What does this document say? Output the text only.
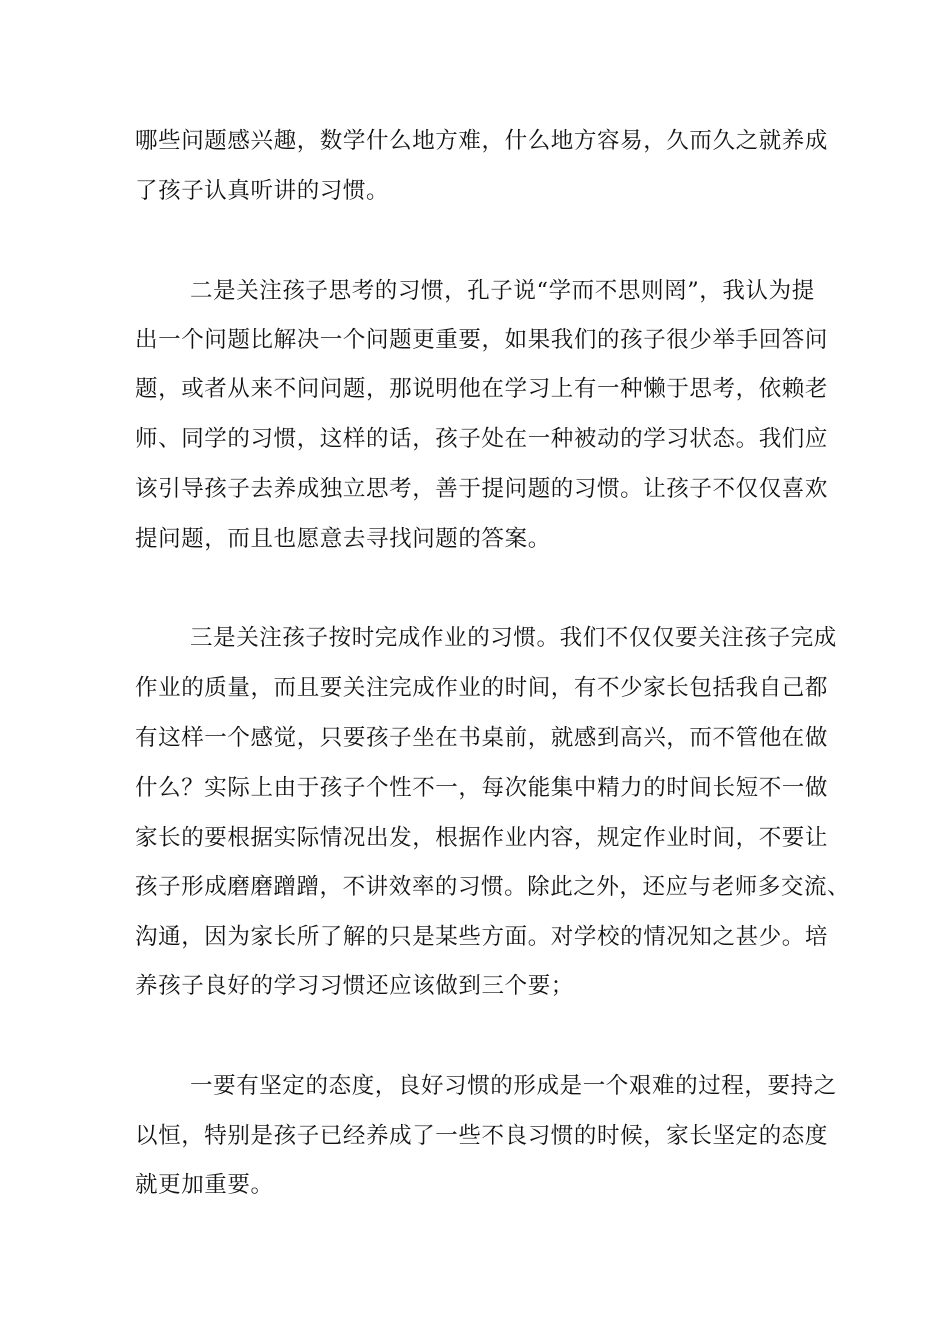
哪些问题感兴趣，数学什么地方难，什么地方容易，久而久之就养成

了孩子认真听讲的习惯。

二是关注孩子思考的习惯，孔子说“学而不思则罔”，我认为提

出一个问题比解决一个问题更重要，如果我们的孩子很少举手回答问

题，或者从来不问问题，那说明他在学习上有一种懒于思考，依赖老

师、同学的习惯，这样的话，孩子处在一种被动的学习状态。我们应

该引导孩子去养成独立思考，善于提问题的习惯。让孩子不仅仅喜欢

提问题，而且也愿意去寻找问题的答案。

三是关注孩子按时完成作业的习惯。我们不仅仅要关注孩子完成

作业的质量，而且要关注完成作业的时间，有不少家长包括我自己都

有这样一个感觉，只要孩子坐在书桌前，就感到高兴，而不管他在做

什么？实际上由于孩子个性不一，每次能集中精力的时间长短不一做

家长的要根据实际情况出发，根据作业内容，规定作业时间，不要让

孩子形成磨磨蹭蹭，不讲效率的习惯。除此之外，还应与老师多交流、

沟通，因为家长所了解的只是某些方面。对学校的情况知之甚少。培

养孩子良好的学习习惯还应该做到三个要；

一要有坚定的态度，良好习惯的形成是一个艰难的过程，要持之

以恒，特别是孩子已经养成了一些不良习惯的时候，家长坚定的态度

就更加重要。
